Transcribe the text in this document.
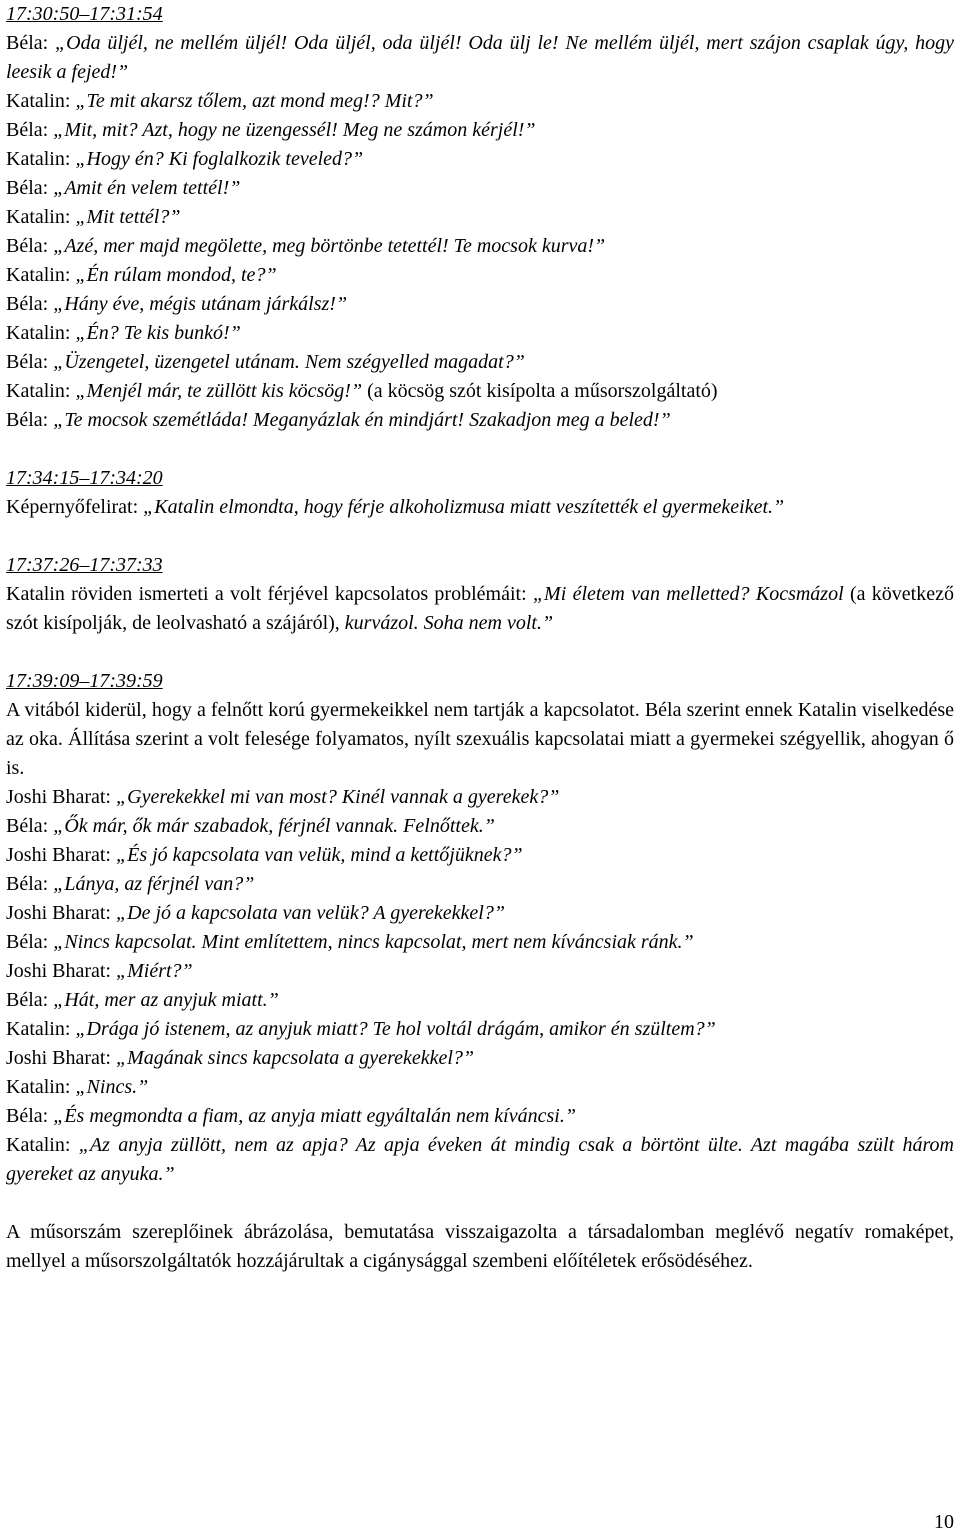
17:30:50–17:31:54

Béla: „Oda üljél, ne mellém üljél! Oda üljél, oda üljél! Oda ülj le! Ne mellém üljél, mert szájon csaplak úgy, hogy leesik a fejed!”

Katalin: „Te mit akarsz tőlem, azt mond meg!? Mit?”

Béla: „Mit, mit? Azt, hogy ne üzengessél! Meg ne számon kérjél!”

Katalin: „Hogy én? Ki foglalkozik teveled?”

Béla: „Amit én velem tettél!”

Katalin: „Mit tettél?”

Béla: „Azé, mer majd megölette, meg börtönbe tetettél! Te mocsok kurva!”

Katalin: „Én rúlam mondod, te?”

Béla: „Hány éve, mégis utánam járkálsz!”

Katalin: „Én? Te kis bunkó!”

Béla: „Üzengetel, üzengetel utánam. Nem szégyelled magadat?”

Katalin: „Menjél már, te züllött kis köcsög!” (a köcsög szót kisípolta a műsorszolgáltató)

Béla: „Te mocsok szemétláda! Meganyázlak én mindjárt! Szakadjon meg a beled!”

17:34:15–17:34:20

Képernyőfelirat: „Katalin elmondta, hogy férje alkoholizmusa miatt veszítették el gyermekeiket.”

17:37:26–17:37:33

Katalin röviden ismerteti a volt férjével kapcsolatos problémáit: „Mi életem van melletted? Kocsmázol (a következő szót kisípolják, de leolvasható a szájáról), kurvázol. Soha nem volt.”

17:39:09–17:39:59

A vitából kiderül, hogy a felnőtt korú gyermekeikkel nem tartják a kapcsolatot. Béla szerint ennek Katalin viselkedése az oka. Állítása szerint a volt felesége folyamatos, nyílt szexuális kapcsolatai miatt a gyermekei szégyellik, ahogyan ő is.

Joshi Bharat: „Gyerekekkel mi van most? Kinél vannak a gyerekek?”

Béla: „Ők már, ők már szabadok, férjnél vannak. Felnőttek.”

Joshi Bharat: „És jó kapcsolata van velük, mind a kettőjüknek?”

Béla: „Lánya, az férjnél van?”

Joshi Bharat: „De jó a kapcsolata van velük? A gyerekekkel?”

Béla: „Nincs kapcsolat. Mint említettem, nincs kapcsolat, mert nem kíváncsiak ránk.”

Joshi Bharat: „Miért?”

Béla: „Hát, mer az anyjuk miatt.”

Katalin: „Drága jó istenem, az anyjuk miatt? Te hol voltál drágám, amikor én szültem?”

Joshi Bharat: „Magának sincs kapcsolata a gyerekekkel?”

Katalin: „Nincs.”

Béla: „És megmondta a fiam, az anyja miatt egyáltalán nem kíváncsi.”

Katalin: „Az anyja züllött, nem az apja? Az apja éveken át mindig csak a börtönt ülte. Azt magába szült három gyereket az anyuka.”

A műsorszám szereplőinek ábrázolása, bemutatása visszaigazolta a társadalomban meglévő negatív romaképet, mellyel a műsorszolgáltatók hozzájárultak a cigánysággal szembeni előítéletek erősödéséhez.

10
